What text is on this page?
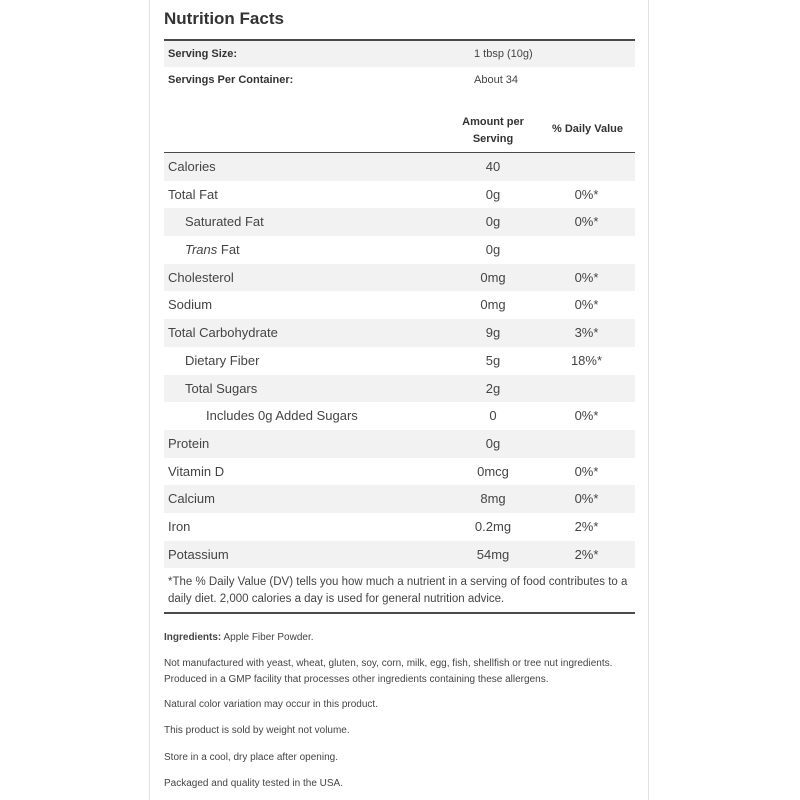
Nutrition Facts
Serving Size:	1 tbsp (10g)
Servings Per Container:	About 34
Amount per
Serving
% Daily Value
Calories	40
Total Fat	0g	0%*
Saturated Fat	0g	0%*
Trans Fat	0g
Cholesterol	0mg	0%*
Sodium	0mg	0%*
Total Carbohydrate	9g	3%*
Dietary Fiber	5g	18%*
Total Sugars	2g
Includes 0g Added Sugars	0	0%*
Protein	0g
Vitamin D	0mcg	0%*
Calcium	8mg	0%*
Iron	0.2mg	2%*
Potassium	54mg	2%*
*The % Daily Value (DV) tells you how much a nutrient in a serving of food contributes to a daily diet. 2,000 calories a day is used for general nutrition advice.
Ingredients: Apple Fiber Powder.
Not manufactured with yeast, wheat, gluten, soy, corn, milk, egg, fish, shellfish or tree nut ingredients.
Produced in a GMP facility that processes other ingredients containing these allergens.
Natural color variation may occur in this product.
This product is sold by weight not volume.
Store in a cool, dry place after opening.
Packaged and quality tested in the USA.
